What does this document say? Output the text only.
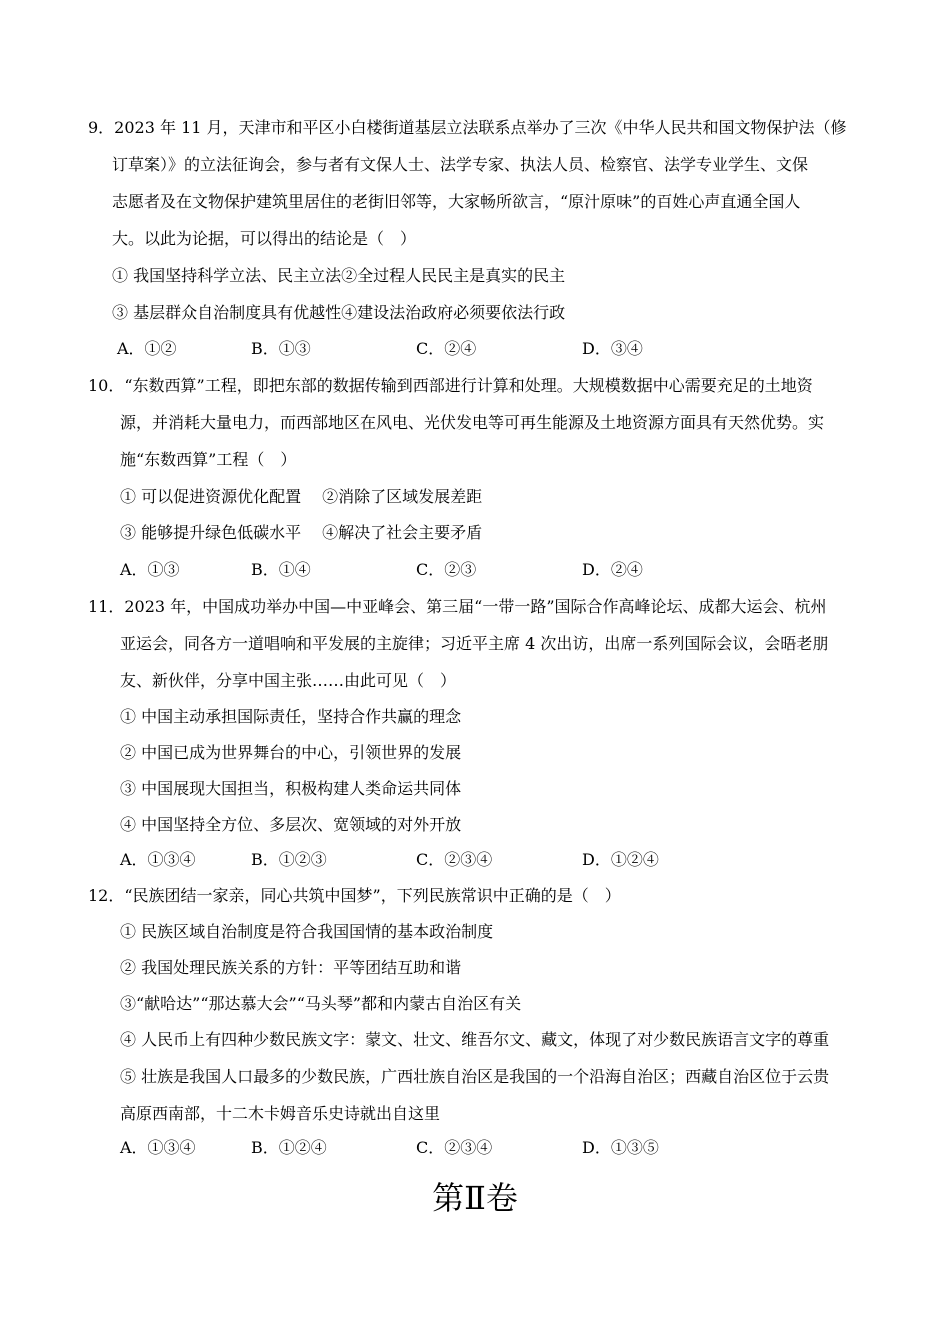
9．2023 年 11 月，天津市和平区小白楼街道基层立法联系点举办了三次《中华人民共和国文物保护法（修
订草案）》的立法征询会，参与者有文保人士、法学专家、执法人员、检察官、法学专业学生、文保
志愿者及在文物保护建筑里居住的老街旧邻等，大家畅所欲言，“原汁原味”的百姓心声直通全国人
大。以此为论据，可以得出的结论是（　）
① 我国坚持科学立法、民主立法②全过程人民民主是真实的民主
③ 基层群众自治制度具有优越性④建设法治政府必须要依法行政
A．①②	B．①③	C．②④	D．③④
10．“东数西算”工程，即把东部的数据传输到西部进行计算和处理。大规模数据中心需要充足的土地资
源，并消耗大量电力，而西部地区在风电、光伏发电等可再生能源及土地资源方面具有天然优势。实
施“东数西算”工程（　）
① 可以促进资源优化配置　 ②消除了区域发展差距
③ 能够提升绿色低碳水平　 ④解决了社会主要矛盾
A．①③	B．①④	C．②③	D．②④
11．2023 年，中国成功举办中国—中亚峰会、第三届“一带一路”国际合作高峰论坛、成都大运会、杭州
亚运会，同各方一道唱响和平发展的主旋律；习近平主席 4 次出访，出席一系列国际会议，会晤老朋
友、新伙伴，分享中国主张……由此可见（　）
① 中国主动承担国际责任，坚持合作共赢的理念
② 中国已成为世界舞台的中心，引领世界的发展
③ 中国展现大国担当，积极构建人类命运共同体
④ 中国坚持全方位、多层次、宽领域的对外开放
A．①③④	B．①②③	C．②③④	D．①②④
12．“民族团结一家亲，同心共筑中国梦”，下列民族常识中正确的是（　）
① 民族区域自治制度是符合我国国情的基本政治制度
② 我国处理民族关系的方针：平等团结互助和谐
③“献哈达”“那达慕大会”“马头琴”都和内蒙古自治区有关
④ 人民币上有四种少数民族文字：蒙文、壮文、维吾尔文、藏文，体现了对少数民族语言文字的尊重
⑤ 壮族是我国人口最多的少数民族，广西壮族自治区是我国的一个沿海自治区；西藏自治区位于云贵
高原西南部，十二木卡姆音乐史诗就出自这里
A．①③④	B．①②④	C．②③④	D．①③⑤
第Ⅱ卷
